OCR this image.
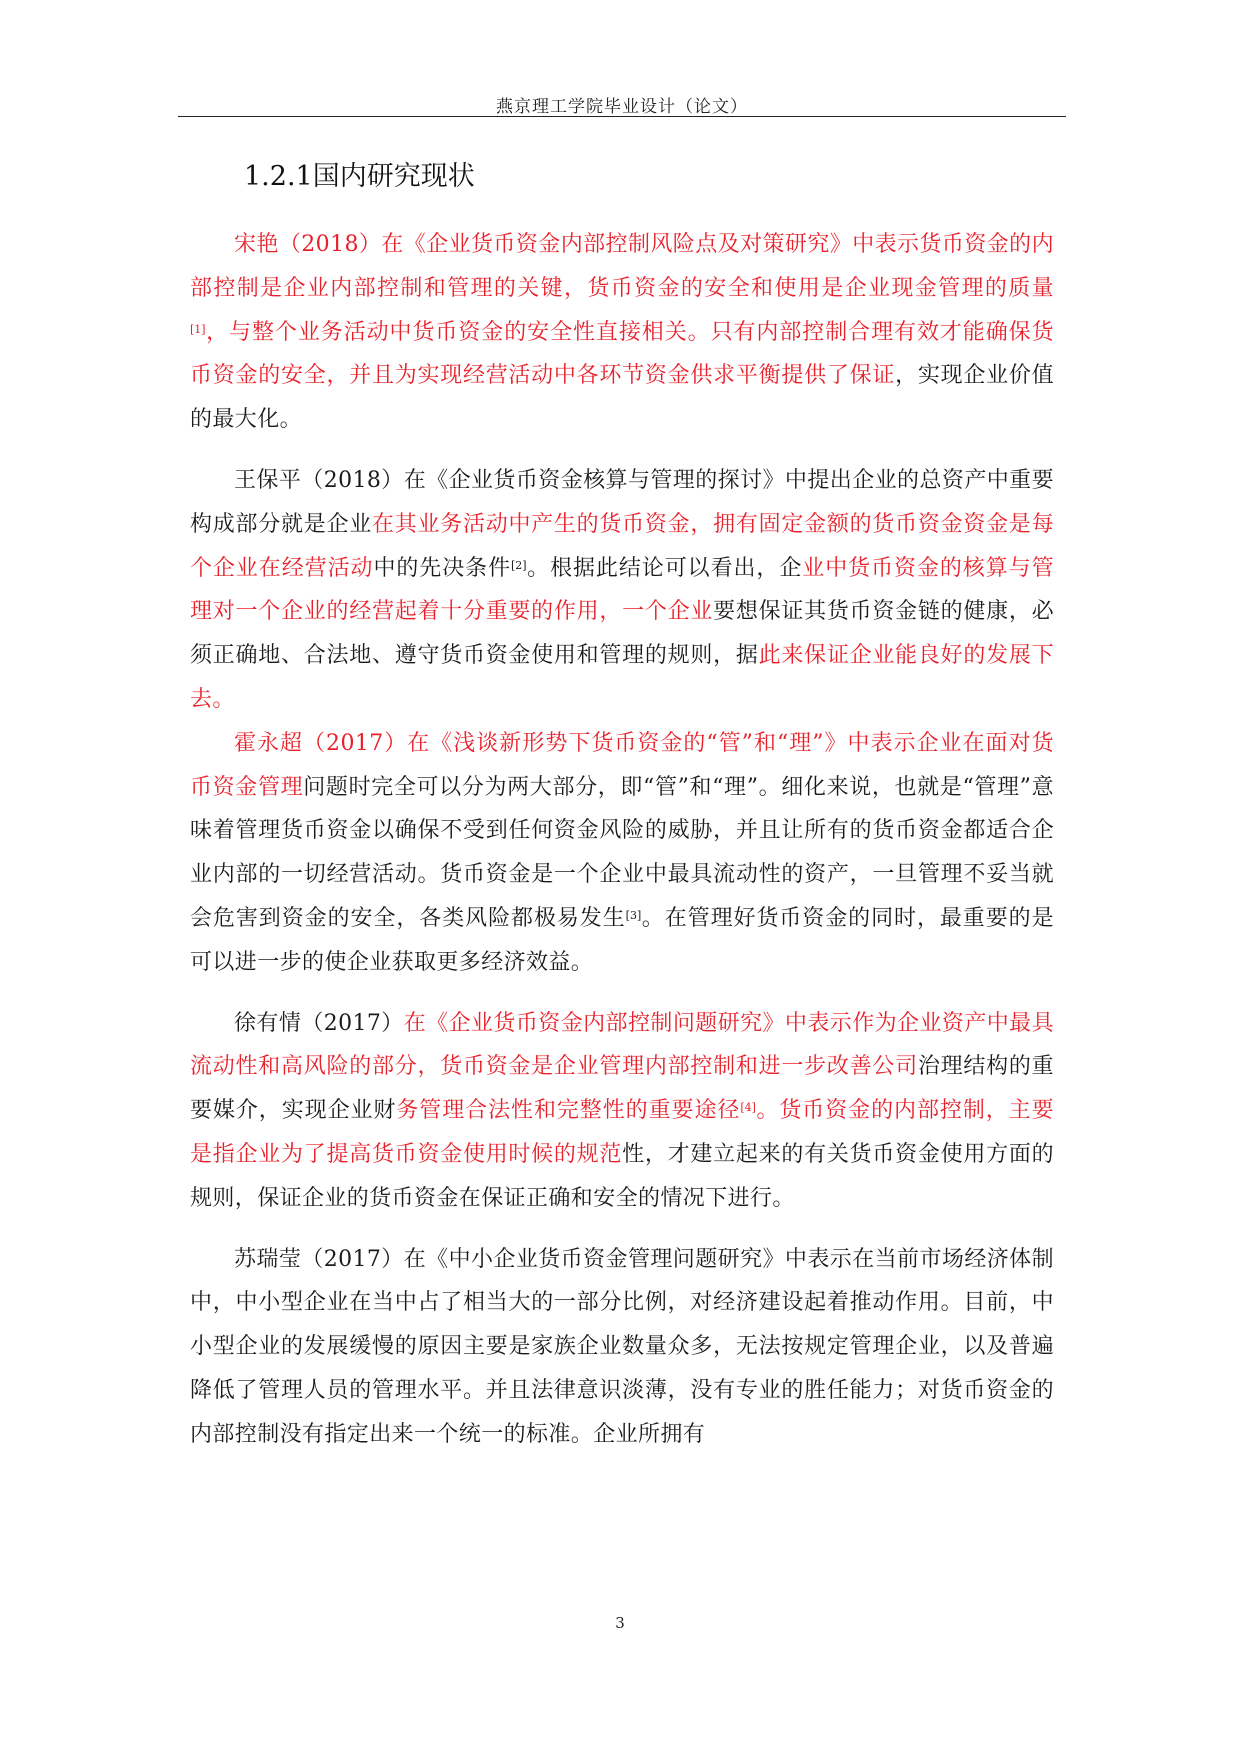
燕京理工学院毕业设计（论文）
1.2.1国内研究现状

宋艳（2018）在《企业货币资金内部控制风险点及对策研究》中表示货币资金的内部控制是企业内部控制和管理的关键，货币资金的安全和使用是企业现金管理的质量[1]，与整个业务活动中货币资金的安全性直接相关。只有内部控制合理有效才能确保货币资金的安全，并且为实现经营活动中各环节资金供求平衡提供了保证，实现企业价值的最大化。

王保平（2018）在《企业货币资金核算与管理的探讨》中提出企业的总资产中重要构成部分就是企业在其业务活动中产生的货币资金，拥有固定金额的货币资金资金是每个企业在经营活动中的先决条件[2]。根据此结论可以看出，企业中货币资金的核算与管理对一个企业的经营起着十分重要的作用，一个企业要想保证其货币资金链的健康，必须正确地、合法地、遵守货币资金使用和管理的规则，据此来保证企业能良好的发展下去。

霍永超（2017）在《浅谈新形势下货币资金的“管”和“理”》中表示企业在面对货币资金管理问题时完全可以分为两大部分，即“管”和“理”。细化来说，也就是“管理”意味着管理货币资金以确保不受到任何资金风险的威胁，并且让所有的货币资金都适合企业内部的一切经营活动。货币资金是一个企业中最具流动性的资产，一旦管理不妥当就会危害到资金的安全，各类风险都极易发生[3]。在管理好货币资金的同时，最重要的是可以进一步的使企业获取更多经济效益。

徐有情（2017）在《企业货币资金内部控制问题研究》中表示作为企业资产中最具流动性和高风险的部分，货币资金是企业管理内部控制和进一步改善公司治理结构的重要媒介，实现企业财务管理合法性和完整性的重要途径[4]。货币资金的内部控制，主要是指企业为了提高货币资金使用时候的规范性，才建立起来的有关货币资金使用方面的规则，保证企业的货币资金在保证正确和安全的情况下进行。

苏瑞莹（2017）在《中小企业货币资金管理问题研究》中表示在当前市场经济体制中，中小型企业在当中占了相当大的一部分比例，对经济建设起着推动作用。目前，中小型企业的发展缓慢的原因主要是家族企业数量众多，无法按规定管理企业，以及普遍降低了管理人员的管理水平。并且法律意识淡薄，没有专业的胜任能力；对货币资金的内部控制没有指定出来一个统一的标准。企业所拥有

3
